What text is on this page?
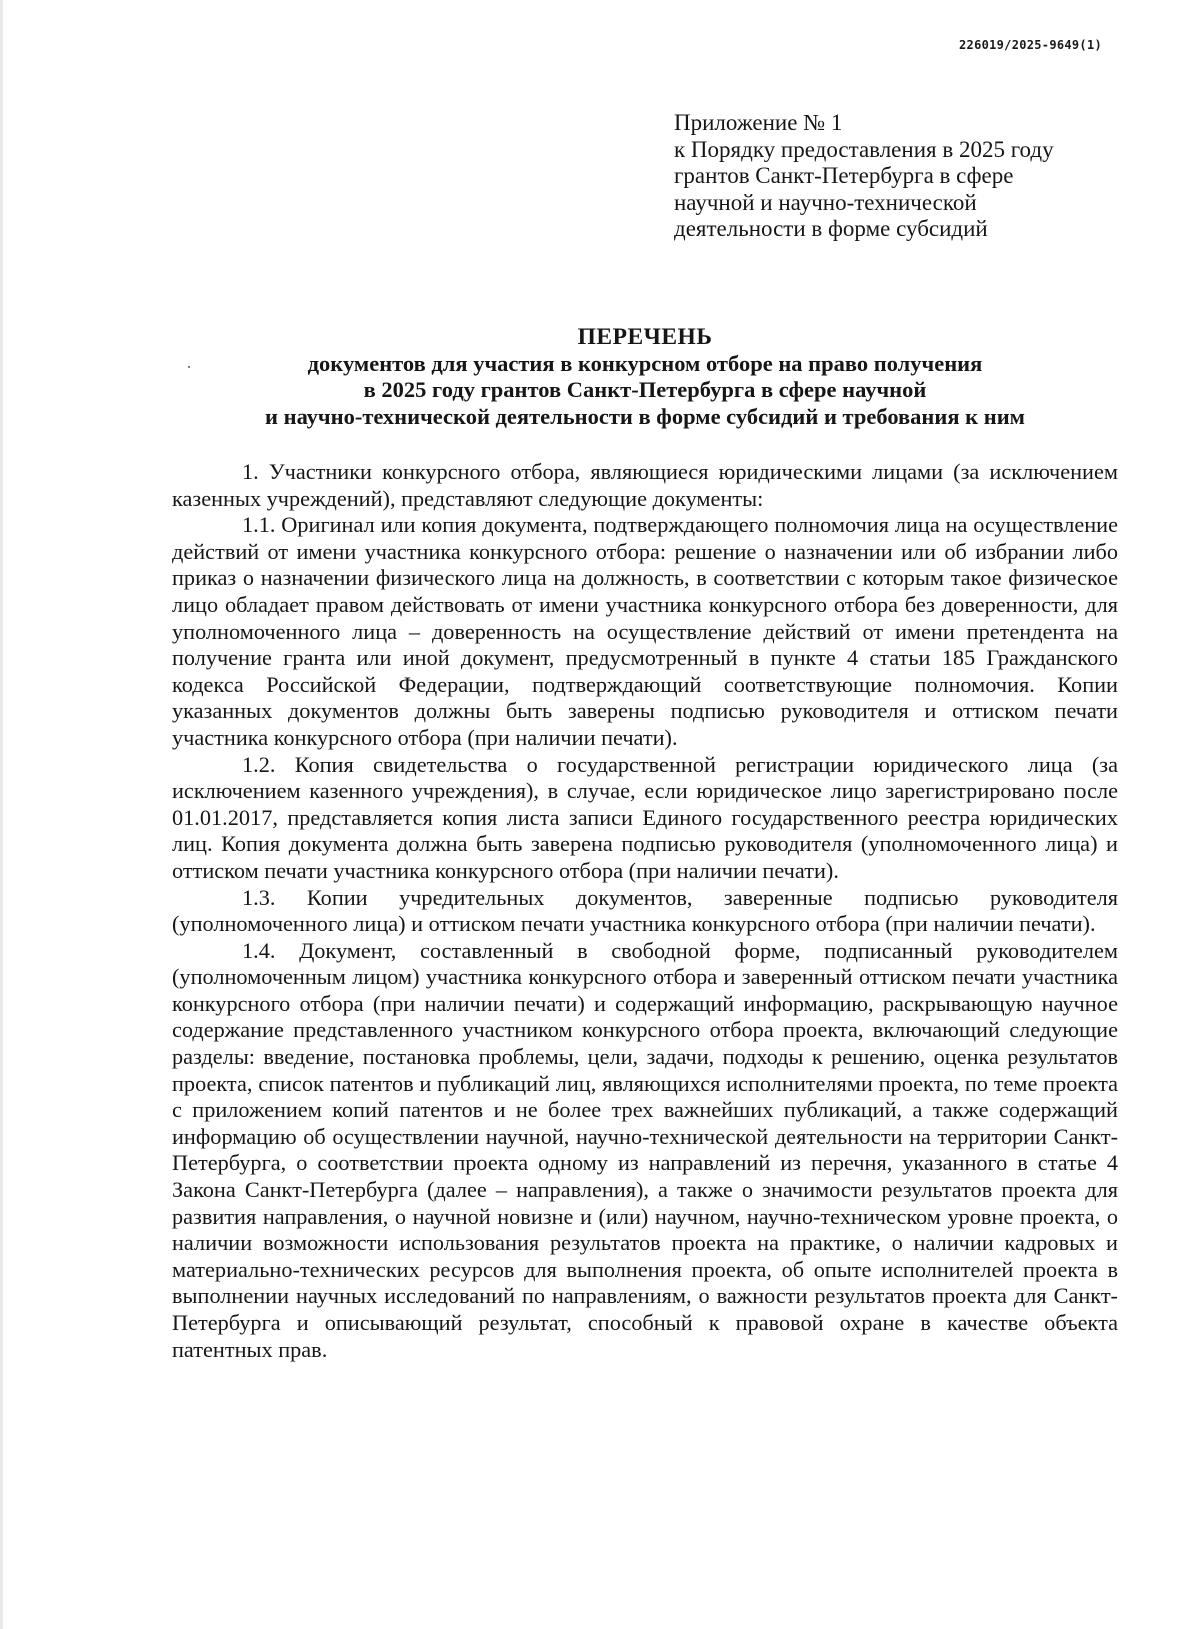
226019/2025-9649(1)
Приложение № 1
к Порядку предоставления в 2025 году
грантов Санкт-Петербурга в сфере
научной и научно-технической
деятельности в форме субсидий
ПЕРЕЧЕНЬ
документов для участия в конкурсном отборе на право получения
в 2025 году грантов Санкт-Петербурга в сфере научной
и научно-технической деятельности в форме субсидий и требования к ним

1. Участники конкурсного отбора, являющиеся юридическими лицами (за исключением казенных учреждений), представляют следующие документы:

1.1. Оригинал или копия документа, подтверждающего полномочия лица на осуществление действий от имени участника конкурсного отбора: решение о назначении или об избрании либо приказ о назначении физического лица на должность, в соответствии с которым такое физическое лицо обладает правом действовать от имени участника конкурсного отбора без доверенности, для уполномоченного лица – доверенность на осуществление действий от имени претендента на получение гранта или иной документ, предусмотренный в пункте 4 статьи 185 Гражданского кодекса Российской Федерации, подтверждающий соответствующие полномочия. Копии указанных документов должны быть заверены подписью руководителя и оттиском печати участника конкурсного отбора (при наличии печати).

1.2. Копия свидетельства о государственной регистрации юридического лица (за исключением казенного учреждения), в случае, если юридическое лицо зарегистрировано после 01.01.2017, представляется копия листа записи Единого государственного реестра юридических лиц. Копия документа должна быть заверена подписью руководителя (уполномоченного лица) и оттиском печати участника конкурсного отбора (при наличии печати).

1.3. Копии учредительных документов, заверенные подписью руководителя (уполномоченного лица) и оттиском печати участника конкурсного отбора (при наличии печати).

1.4. Документ, составленный в свободной форме, подписанный руководителем (уполномоченным лицом) участника конкурсного отбора и заверенный оттиском печати участника конкурсного отбора (при наличии печати) и содержащий информацию, раскрывающую научное содержание представленного участником конкурсного отбора проекта, включающий следующие разделы: введение, постановка проблемы, цели, задачи, подходы к решению, оценка результатов проекта, список патентов и публикаций лиц, являющихся исполнителями проекта, по теме проекта с приложением копий патентов и не более трех важнейших публикаций, а также содержащий информацию об осуществлении научной, научно-технической деятельности на территории Санкт-Петербурга, о соответствии проекта одному из направлений из перечня, указанного в статье 4 Закона Санкт-Петербурга (далее – направления), а также о значимости результатов проекта для развития направления, о научной новизне и (или) научном, научно-техническом уровне проекта, о наличии возможности использования результатов проекта на практике, о наличии кадровых и материально-технических ресурсов для выполнения проекта, об опыте исполнителей проекта в выполнении научных исследований по направлениям, о важности результатов проекта для Санкт-Петербурга и описывающий результат, способный к правовой охране в качестве объекта патентных прав.
